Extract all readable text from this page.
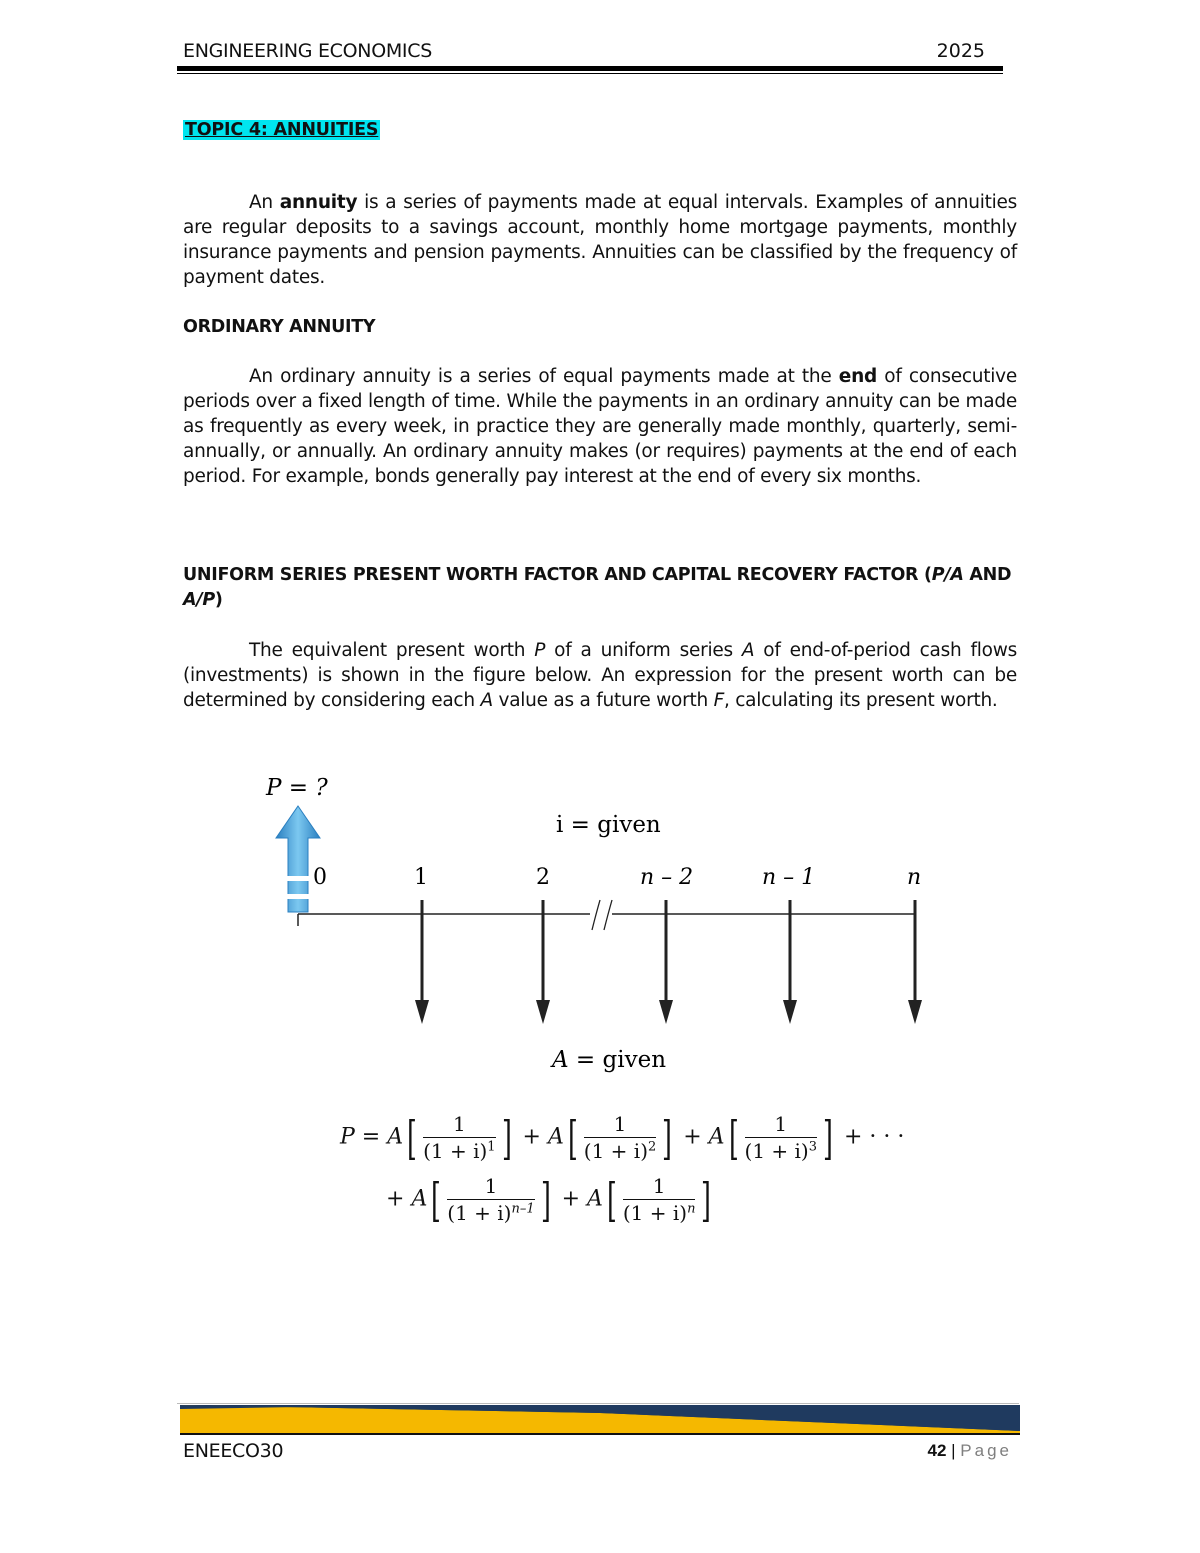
ENGINEERING ECONOMICS	2025
TOPIC 4: ANNUITIES
An annuity is a series of payments made at equal intervals. Examples of annuities are regular deposits to a savings account, monthly home mortgage payments, monthly insurance payments and pension payments. Annuities can be classified by the frequency of payment dates.
ORDINARY ANNUITY
An ordinary annuity is a series of equal payments made at the end of consecutive periods over a fixed length of time. While the payments in an ordinary annuity can be made as frequently as every week, in practice they are generally made monthly, quarterly, semi-annually, or annually. An ordinary annuity makes (or requires) payments at the end of each period. For example, bonds generally pay interest at the end of every six months.
UNIFORM SERIES PRESENT WORTH FACTOR AND CAPITAL RECOVERY FACTOR (P/A AND A/P)
The equivalent present worth P of a uniform series A of end-of-period cash flows (investments) is shown in the figure below. An expression for the present worth can be determined by considering each A value as a future worth F, calculating its present worth.
P = ?
i = given
0	1	2	n – 2	n – 1	n
A = given
$P = A[ \frac{1}{(1 + i)^1}$ ] + $A[ \frac{1}{(1 + i)^2}$ ] + $A[ \frac{1}{(1 + i)^3}$ ] + · · ·
+ $A[ \frac{1}{(1 + i)^{n-1}}$ ] + $A[ \frac{1}{(1 + i)^n}$ ]
ENEECO30	42 | Page
